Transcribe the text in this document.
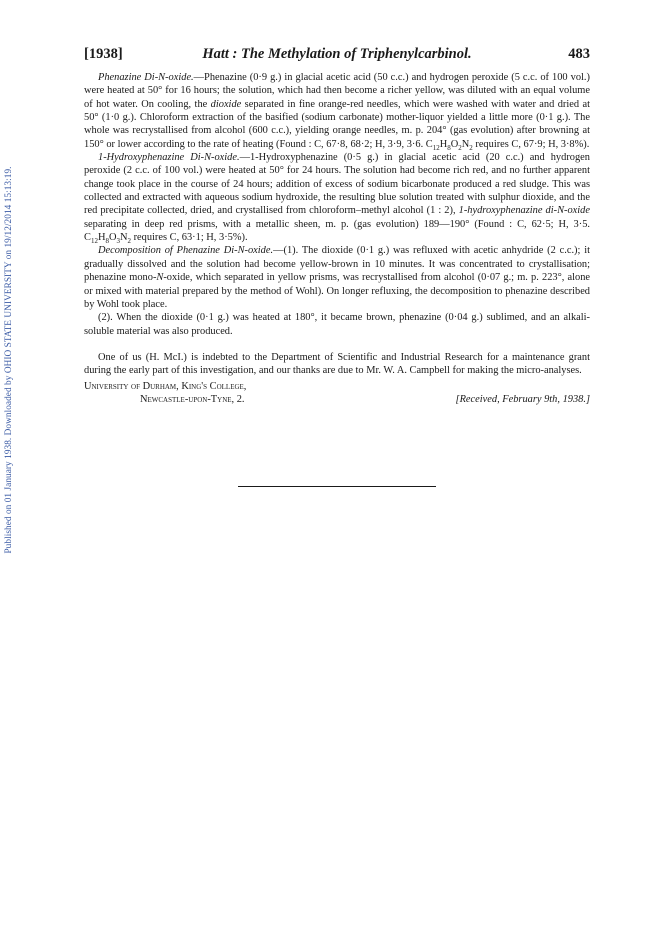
Published on 01 January 1938. Downloaded by OHIO STATE UNIVERSITY on 19/12/2014 15:13:19.
[1938]	Hatt : The Methylation of Triphenylcarbinol.	483

Phenazine Di-N-oxide.—Phenazine (0·9 g.) in glacial acetic acid (50 c.c.) and hydrogen peroxide (5 c.c. of 100 vol.) were heated at 50° for 16 hours; the solution, which had then become a richer yellow, was diluted with an equal volume of hot water. On cooling, the dioxide separated in fine orange-red needles, which were washed with water and dried at 50° (1·0 g.). Chloroform extraction of the basified (sodium carbonate) mother-liquor yielded a little more (0·1 g.). The whole was recrystallised from alcohol (600 c.c.), yielding orange needles, m. p. 204° (gas evolution) after browning at 150° or lower according to the rate of heating (Found : C, 67·8, 68·2; H, 3·9, 3·6. $C_{12}H_8O_2N_2$ requires C, 67·9; H, 3·8%).

1-Hydroxyphenazine Di-N-oxide.—1-Hydroxyphenazine (0·5 g.) in glacial acetic acid (20 c.c.) and hydrogen peroxide (2 c.c. of 100 vol.) were heated at 50° for 24 hours. The solution had become rich red, and no further apparent change took place in the course of 24 hours; addition of excess of sodium bicarbonate produced a red sludge. This was collected and extracted with aqueous sodium hydroxide, the resulting blue solution treated with sulphur dioxide, and the red precipitate collected, dried, and crystallised from chloroform–methyl alcohol (1 : 2), 1-hydroxyphenazine di-N-oxide separating in deep red prisms, with a metallic sheen, m. p. (gas evolution) 189—190° (Found : C, 62·5; H, 3·5. $C_{12}H_8O_3N_2$ requires C, 63·1; H, 3·5%).

Decomposition of Phenazine Di-N-oxide.—(1). The dioxide (0·1 g.) was refluxed with acetic anhydride (2 c.c.); it gradually dissolved and the solution had become yellow-brown in 10 minutes. It was concentrated to crystallisation; phenazine mono-N-oxide, which separated in yellow prisms, was recrystallised from alcohol (0·07 g.; m. p. 223°, alone or mixed with material prepared by the method of Wohl). On longer refluxing, the decomposition to phenazine described by Wohl took place.

(2). When the dioxide (0·1 g.) was heated at 180°, it became brown, phenazine (0·04 g.) sublimed, and an alkali-soluble material was also produced.

One of us (H. McI.) is indebted to the Department of Scientific and Industrial Research for a maintenance grant during the early part of this investigation, and our thanks are due to Mr. W. A. Campbell for making the micro-analyses.

University of Durham, King's College,
Newcastle-upon-Tyne, 2.	[Received, February 9th, 1938.]
